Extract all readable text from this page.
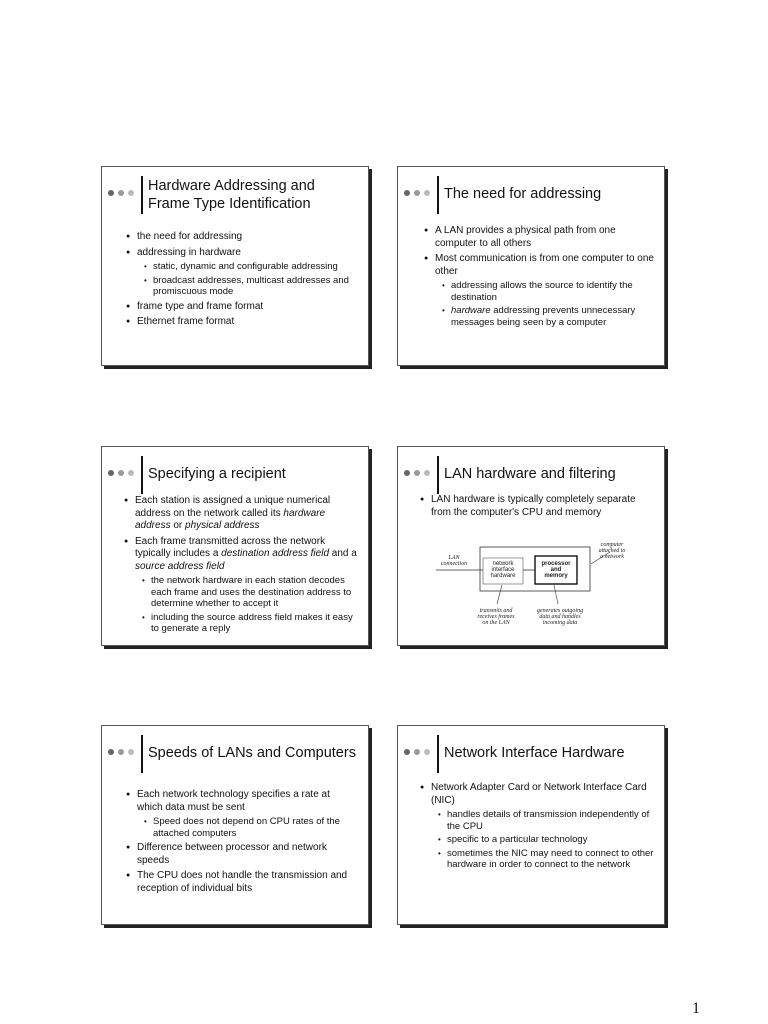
Hardware Addressing and
Frame Type Identification
● the need for addressing
● addressing in hardware
• static, dynamic and configurable addressing
• broadcast addresses, multicast addresses and promiscuous mode
● frame type and frame format
● Ethernet frame format
The need for addressing
● A LAN provides a physical path from one computer to all others
● Most communication is from one computer to one other
• addressing allows the source to identify the destination
• hardware addressing prevents unnecessary messages being seen by a computer
Specifying a recipient
● Each station is assigned a unique numerical address on the network called its hardware address or physical address
● Each frame transmitted across the network typically includes a destination address field and a source address field
• the network hardware in each station decodes each frame and uses the destination address to determine whether to accept it
• including the source address field makes it easy to generate a reply
LAN hardware and filtering
● LAN hardware is typically completely separate from the computer's CPU and memory
LAN connection	network interface hardware
processor and memory
computer attached to a network
transmits and receives frames on the LAN
generates outgoing data and handles incoming data
Speeds of LANs and Computers
● Each network technology specifies a rate at which data must be sent
• Speed does not depend on CPU rates of the attached computers
● Difference between processor and network speeds
● The CPU does not handle the transmission and reception of individual bits
Network Interface Hardware
● Network Adapter Card or Network Interface Card (NIC)
• handles details of transmission independently of the CPU
• specific to a particular technology
• sometimes the NIC may need to connect to other hardware in order to connect to the network
1
